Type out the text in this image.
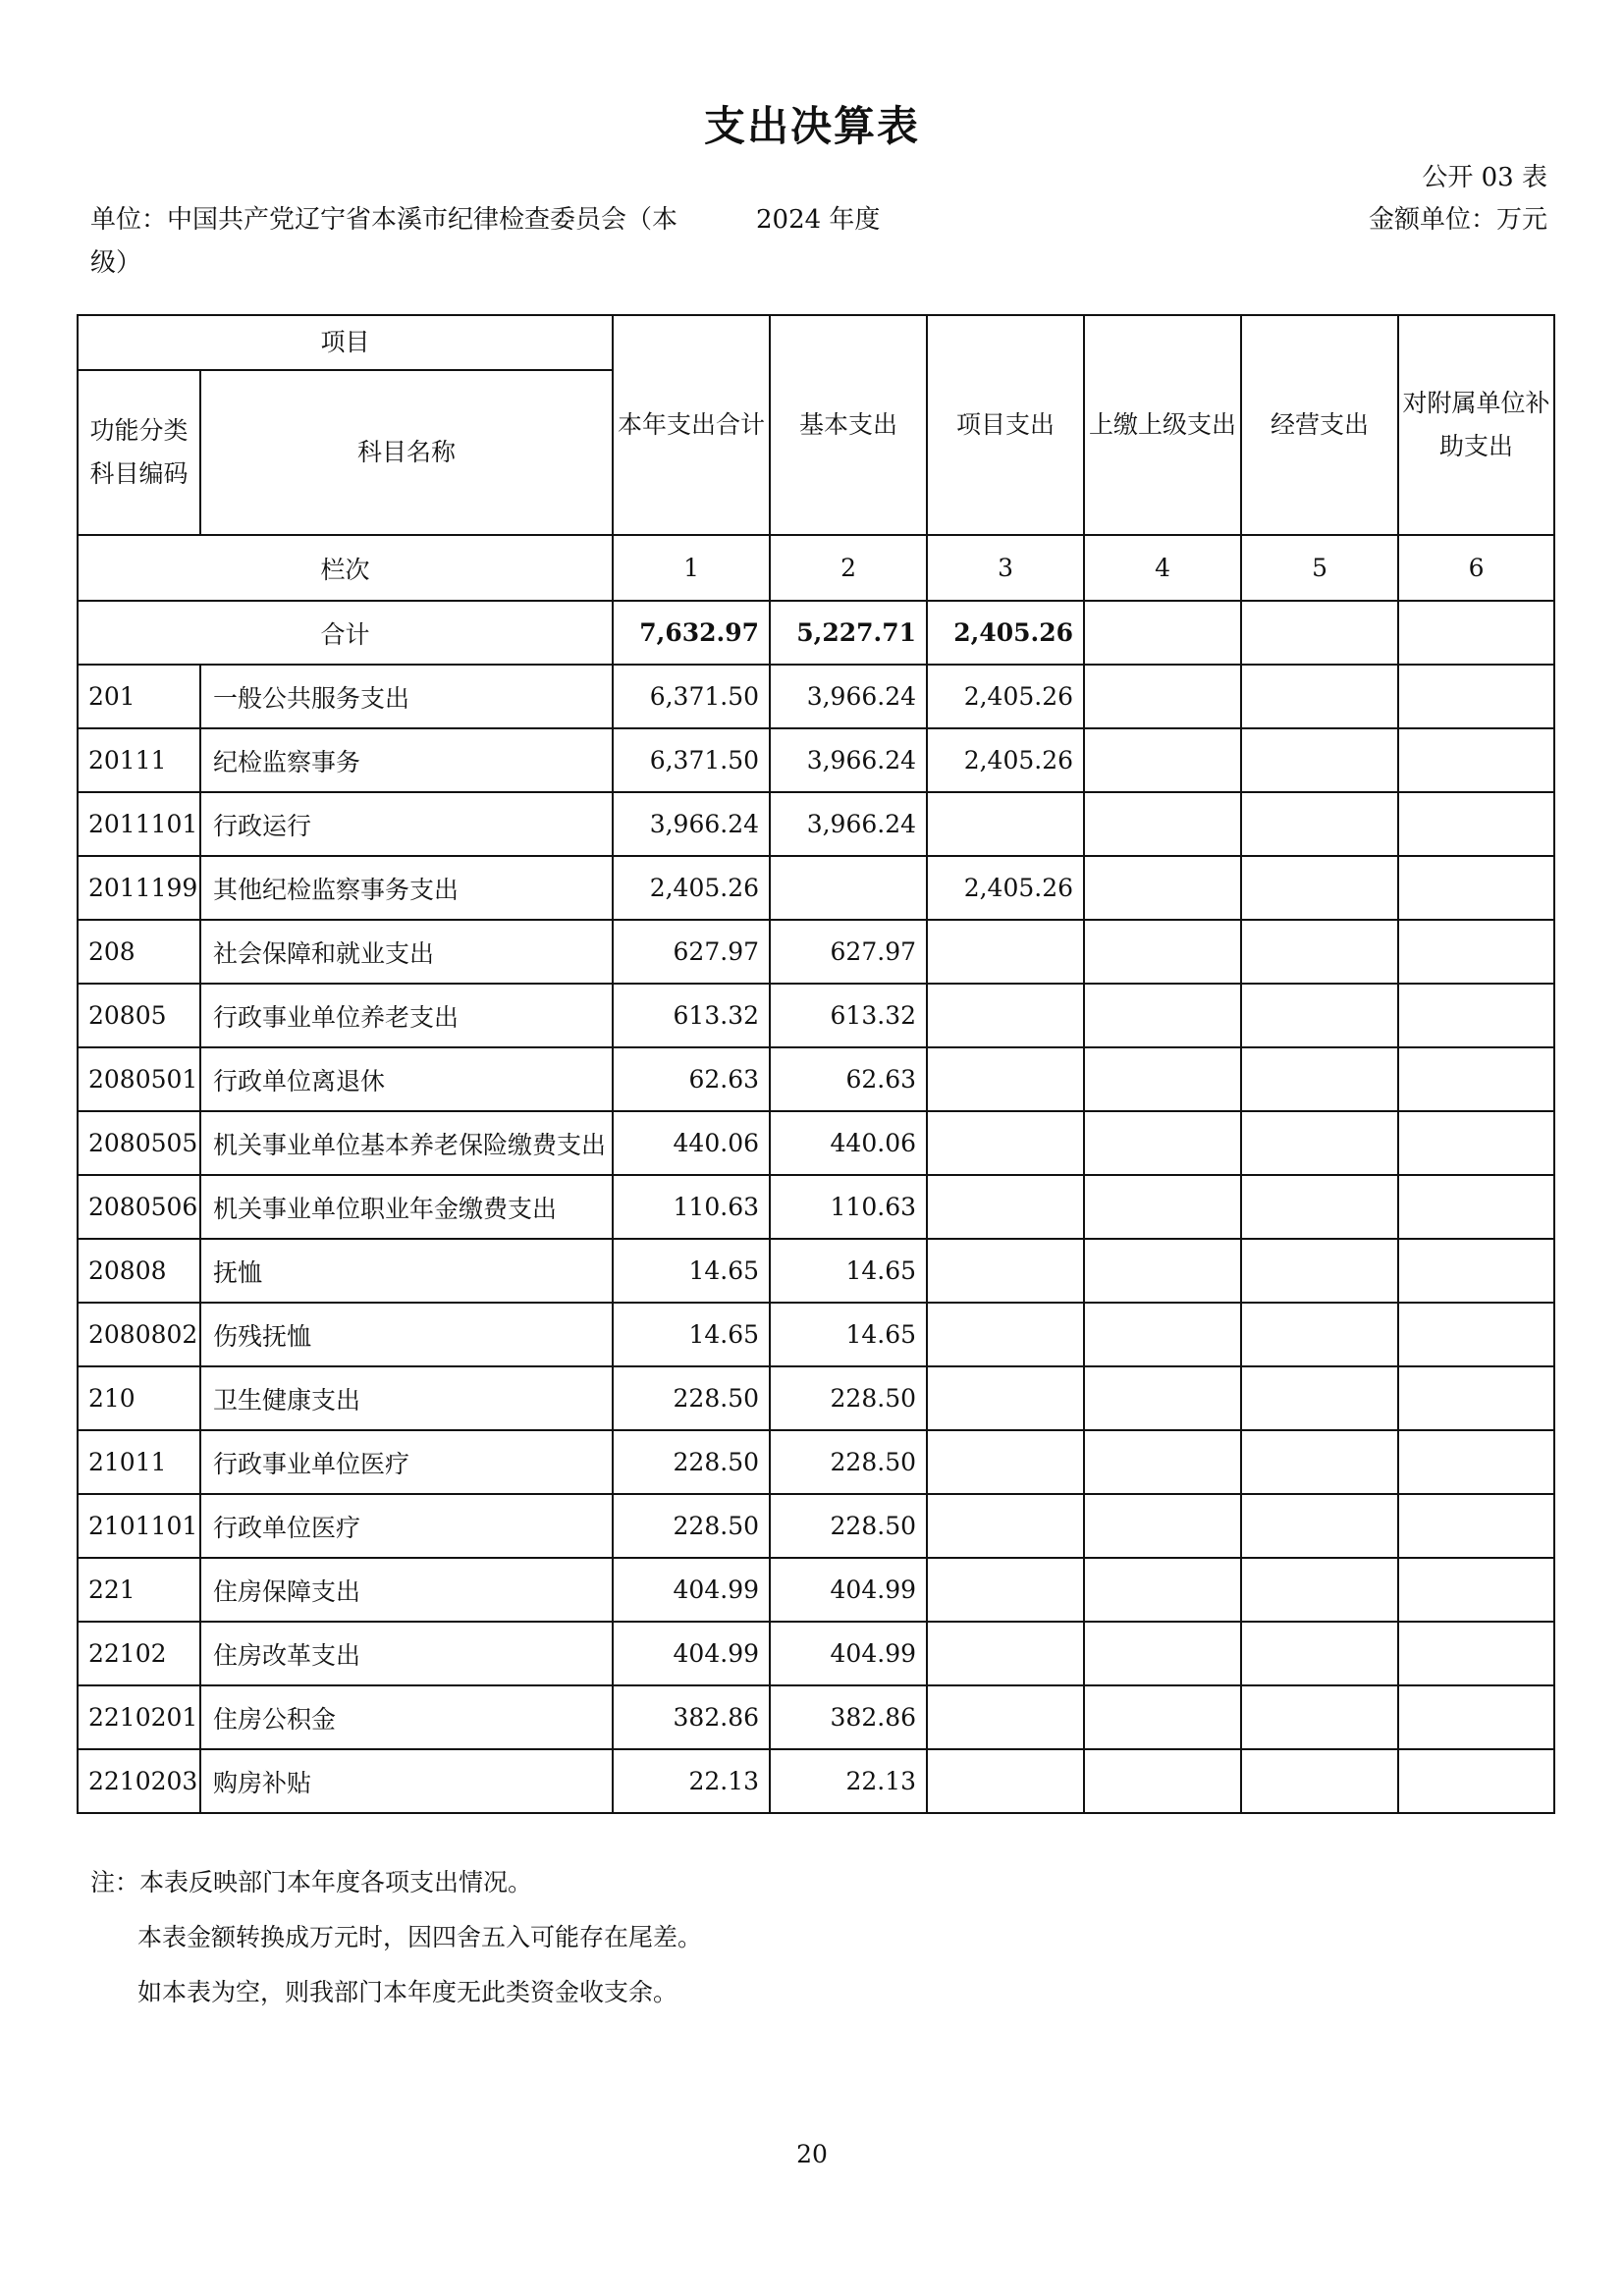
支出决算表
公开 03 表
单位：中国共产党辽宁省本溪市纪律检查委员会（本级）
2024 年度	金额单位：万元
项目		本年支出合计	基本支出	项目支出	上缴上级支出	经营支出	对附属单位补助支出
功能分类科目编码	科目名称						
栏次		1	2	3	4	5	6
合计		7,632.97	5,227.71	2,405.26			
201	一般公共服务支出	6,371.50	3,966.24	2,405.26			
20111	纪检监察事务	6,371.50	3,966.24	2,405.26			
2011101	行政运行	3,966.24	3,966.24				
2011199	其他纪检监察事务支出	2,405.26		2,405.26			
208	社会保障和就业支出	627.97	627.97				
20805	行政事业单位养老支出	613.32	613.32				
2080501	行政单位离退休	62.63	62.63				
2080505	机关事业单位基本养老保险缴费支出	440.06	440.06				
2080506	机关事业单位职业年金缴费支出	110.63	110.63				
20808	抚恤	14.65	14.65				
2080802	伤残抚恤	14.65	14.65				
210	卫生健康支出	228.50	228.50				
21011	行政事业单位医疗	228.50	228.50				
2101101	行政单位医疗	228.50	228.50				
221	住房保障支出	404.99	404.99				
22102	住房改革支出	404.99	404.99				
2210201	住房公积金	382.86	382.86				
2210203	购房补贴	22.13	22.13				
注：本表反映部门本年度各项支出情况。
本表金额转换成万元时，因四舍五入可能存在尾差。
如本表为空，则我部门本年度无此类资金收支余。
20
